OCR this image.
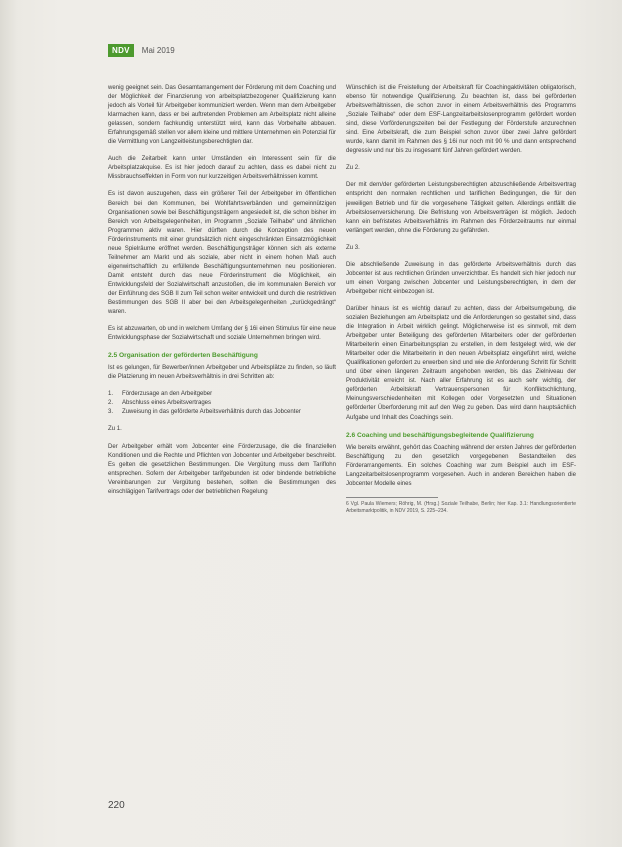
NDV	Mai 2019

wenig geeignet sein. Das Gesamtarrangement der Förderung mit dem Coaching und der Möglichkeit der Finanzierung von arbeitsplatzbezogener Qualifizierung kann jedoch als Vorteil für Arbeitgeber kommuniziert werden. Wenn man dem Arbeitgeber klarmachen kann, dass er bei auftretenden Problemen am Arbeitsplatz nicht alleine gelassen, sondern fachkundig unterstützt wird, kann das Vorbehalte abbauen. Erfahrungsgemäß stellen vor allem kleine und mittlere Unternehmen ein Potenzial für die Vermittlung von Langzeitleistungsberechtigten dar.

Auch die Zeitarbeit kann unter Umständen ein Interessent sein für die Arbeitsplatzakquise. Es ist hier jedoch darauf zu achten, dass es dabei nicht zu Missbrauchseffekten in Form von nur kurzzeitigen Arbeitsverhältnissen kommt.

Es ist davon auszugehen, dass ein größerer Teil der Arbeitgeber im öffentlichen Bereich bei den Kommunen, bei Wohlfahrtsverbänden und gemeinnützigen Organisationen sowie bei Beschäftigungsträgern angesiedelt ist, die schon bisher im Bereich von Arbeitsgelegenheiten, im Programm „Soziale Teilhabe“ und ähnlichen Programmen aktiv waren. Hier dürften durch die Konzeption des neuen Förderinstruments mit einer grundsätzlich nicht eingeschränkten Einsatzmöglichkeit neue Spielräume eröffnet werden. Beschäftigungsträger können sich als externe Teilnehmer am Markt und als soziale, aber nicht in einem hohen Maß auch eigenwirtschaftlich zu erfüllende Beschäftigungsunternehmen neu positionieren. Damit entsteht durch das neue Förderinstrument die Möglichkeit, ein Entwicklungsfeld der Sozialwirtschaft anzustoßen, die im kommunalen Bereich vor der Einführung des SGB II zum Teil schon weiter entwickelt und durch die restriktiven Bestimmungen des SGB II aber bei den Arbeitsgelegenheiten „zurückgedrängt“ waren.

Es ist abzuwarten, ob und in welchem Umfang der § 16i einen Stimulus für eine neue Entwicklungsphase der Sozialwirtschaft und soziale Unternehmen bringen wird.

2.5 Organisation der geförderten Beschäftigung

Ist es gelungen, für Bewerber/innen Arbeitgeber und Arbeitsplätze zu finden, so läuft die Platzierung im neuen Arbeitsverhältnis in drei Schritten ab:

1. Förderzusage an den Arbeitgeber
2. Abschluss eines Arbeitsvertrages
3. Zuweisung in das geförderte Arbeitsverhältnis durch das Jobcenter

Zu 1.

Der Arbeitgeber erhält vom Jobcenter eine Förderzusage, die die finanziellen Konditionen und die Rechte und Pflichten von Jobcenter und Arbeitgeber beschreibt. Es gelten die gesetzlichen Bestimmungen. Die Vergütung muss dem Tariflohn entsprechen. Sofern der Arbeitgeber tarifgebunden ist oder bindende betriebliche Vereinbarungen zur Vergütung bestehen, sollten die Bestimmungen des einschlägigen Tarifvertrags oder der betrieblichen Regelung

Wünschlich ist die Freistellung der Arbeitskraft für Coachingaktivitäten obligatorisch, ebenso für notwendige Qualifizierung. Zu beachten ist, dass bei geförderten Arbeitsverhältnissen, die schon zuvor in einem Arbeitsverhältnis des Programms „Soziale Teilhabe“ oder dem ESF-Langzeitarbeitslosenprogramm gefördert worden sind, diese Vorförderungszeiten bei der Festlegung der Förderstufe anzurechnen sind. Eine Arbeitskraft, die zum Beispiel schon zuvor über zwei Jahre gefördert wurde, kann damit im Rahmen des § 16i nur noch mit 90 % und dann entsprechend degressiv und nur bis zu insgesamt fünf Jahren gefördert werden.

Zu 2.

Der mit dem/der geförderten Leistungsberechtigten abzuschließende Arbeitsvertrag entspricht den normalen rechtlichen und tariflichen Bedingungen, die für den jeweiligen Betrieb und für die vorgesehene Tätigkeit gelten. Allerdings entfällt die Arbeitslosenversicherung. Die Befristung von Arbeitsverträgen ist möglich. Jedoch kann ein befristetes Arbeitsverhältnis im Rahmen des Förderzeitraums nur einmal verlängert werden, ohne die Förderung zu gefährden.

Zu 3.

Die abschließende Zuweisung in das geförderte Arbeitsverhältnis durch das Jobcenter ist aus rechtlichen Gründen unverzichtbar. Es handelt sich hier jedoch nur um einen Vorgang zwischen Jobcenter und Leistungsberechtigten, in dem der Arbeitgeber nicht einbezogen ist.

Darüber hinaus ist es wichtig darauf zu achten, dass der Arbeitsumgebung, die sozialen Beziehungen am Arbeitsplatz und die Anforderungen so gestaltet sind, dass die Integration in Arbeit wirklich gelingt. Möglicherweise ist es sinnvoll, mit dem Arbeitgeber unter Beteiligung des geförderten Mitarbeiters oder der geförderten Mitarbeiterin einen Einarbeitungsplan zu erstellen, in dem festgelegt wird, wie der Mitarbeiter oder die Mitarbeiterin in den neuen Arbeitsplatz eingeführt wird, welche Qualifikationen gefordert zu erwerben sind und wie die Anforderung Schritt für Schritt und über einen längeren Zeitraum angehoben werden, bis das Zielniveau der Produktivität erreicht ist. Nach aller Erfahrung ist es auch sehr wichtig, der geförderten Arbeitskraft Vertrauenspersonen für Konfliktschlichtung, Meinungsverschiedenheiten mit Kollegen oder Vorgesetzten und Situationen geförderter Überforderung mit auf den Weg zu geben. Das wird dann hauptsächlich Aufgabe und Inhalt des Coachings sein.

2.6 Coaching und beschäftigungsbegleitende Qualifizierung

Wie bereits erwähnt, gehört das Coaching während der ersten Jahres der geförderten Beschäftigung zu den gesetzlich vorgegebenen Bestandteilen des Förderarrangements. Ein solches Coaching war zum Beispiel auch im ESF-Langzeitarbeitslosenprogramm vorgesehen. Auch in anderen Bereichen haben die Jobcenter Modelle eines

6 Vgl. Paula Wiemers; Röhrig, M. (Hrsg.) Soziale Teilhabe, Berlin; hier Kap. 3.1: Handlungsorientierte Arbeitsmarktpolitik, in NDV 2019, S. 225–234.
220
